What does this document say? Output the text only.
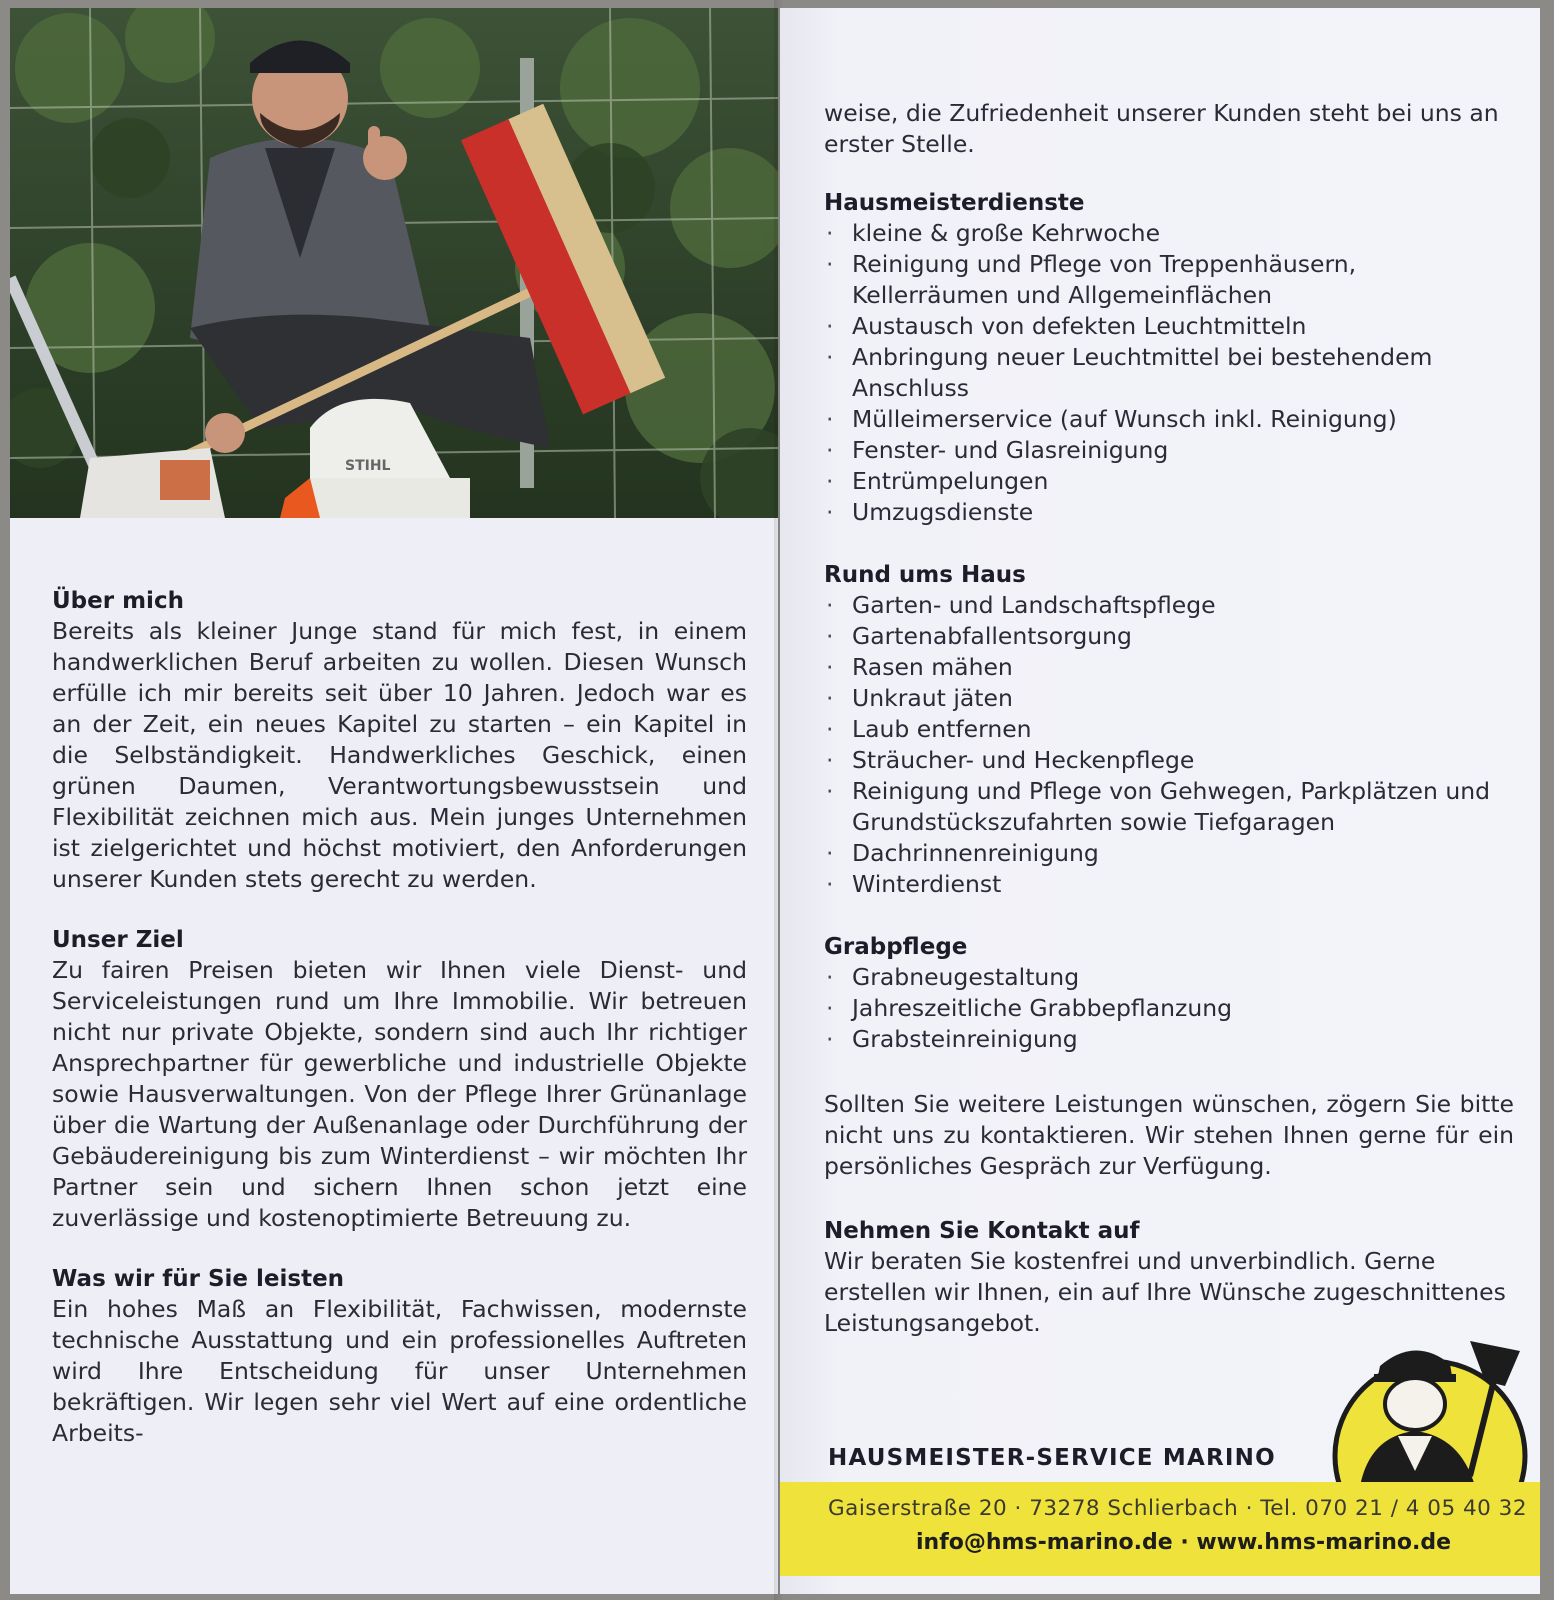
STIHL
Über mich

Bereits als kleiner Junge stand für mich fest, in einem handwerklichen Beruf arbeiten zu wollen. Diesen Wunsch erfülle ich mir bereits seit über 10 Jahren. Jedoch war es an der Zeit, ein neues Kapitel zu starten – ein Kapitel in die Selbständigkeit. Handwerkliches Geschick, einen grünen Daumen, Verantwortungsbewusstsein und Flexibilität zeichnen mich aus. Mein junges Unternehmen ist zielgerichtet und höchst motiviert, den Anforderungen unserer Kunden stets gerecht zu werden.

Unser Ziel

Zu fairen Preisen bieten wir Ihnen viele Dienst- und Serviceleistungen rund um Ihre Immobilie. Wir betreuen nicht nur private Objekte, sondern sind auch Ihr richtiger Ansprechpartner für gewerbliche und industrielle Objekte sowie Hausverwaltungen. Von der Pflege Ihrer Grünanlage über die Wartung der Außenanlage oder Durchführung der Gebäudereinigung bis zum Winterdienst – wir möchten Ihr Partner sein und sichern Ihnen schon jetzt eine zuverlässige und kostenoptimierte Betreuung zu.

Was wir für Sie leisten

Ein hohes Maß an Flexibilität, Fachwissen, modernste technische Ausstattung und ein professionelles Auftreten wird Ihre Entscheidung für unser Unternehmen bekräftigen. Wir legen sehr viel Wert auf eine ordentliche Arbeits-

weise, die Zufriedenheit unserer Kunden steht bei uns an erster Stelle.

Hausmeisterdienste
· kleine & große Kehrwoche
· Reinigung und Pflege von Treppenhäusern, Kellerräumen und Allgemeinflächen
· Austausch von defekten Leuchtmitteln
· Anbringung neuer Leuchtmittel bei bestehendem Anschluss
· Mülleimerservice (auf Wunsch inkl. Reinigung)
· Fenster- und Glasreinigung
· Entrümpelungen
· Umzugsdienste
Rund ums Haus
· Garten- und Landschaftspflege
· Gartenabfallentsorgung
· Rasen mähen
· Unkraut jäten
· Laub entfernen
· Sträucher- und Heckenpflege
· Reinigung und Pflege von Gehwegen, Parkplätzen und Grundstückszufahrten sowie Tiefgaragen
· Dachrinnenreinigung
· Winterdienst
Grabpflege
· Grabneugestaltung
· Jahreszeitliche Grabbepflanzung
· Grabsteinreinigung

Sollten Sie weitere Leistungen wünschen, zögern Sie bitte nicht uns zu kontaktieren. Wir stehen Ihnen gerne für ein persönliches Gespräch zur Verfügung.

Nehmen Sie Kontakt auf

Wir beraten Sie kostenfrei und unverbindlich. Gerne erstellen wir Ihnen, ein auf Ihre Wünsche zugeschnittenes Leistungsangebot.

HAUSMEISTER-SERVICE MARINO
Gaiserstraße 20 · 73278 Schlierbach · Tel. 070 21 / 4 05 40 32
info@hms-marino.de · www.hms-marino.de
